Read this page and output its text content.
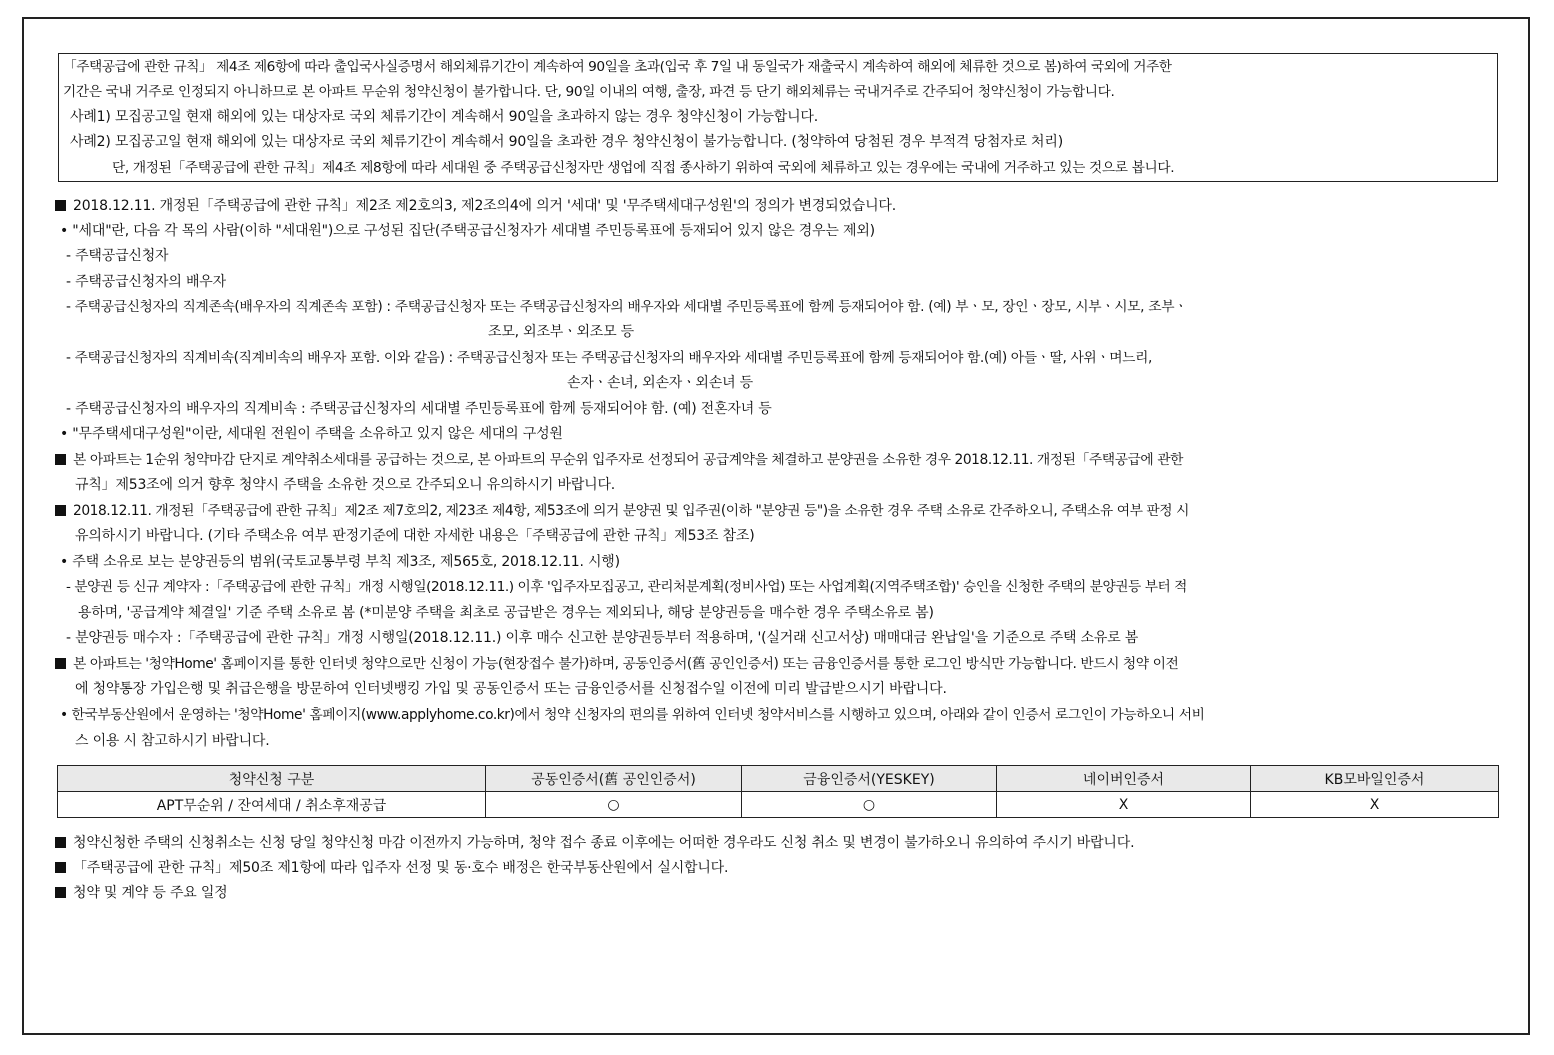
「주택공급에 관한 규칙」 제4조 제6항에 따라 출입국사실증명서 해외체류기간이 계속하여 90일을 초과(입국 후 7일 내 동일국가 재출국시 계속하여 해외에 체류한 것으로 봄)하여 국외에 거주한
기간은 국내 거주로 인정되지 아니하므로 본 아파트 무순위 청약신청이 불가합니다. 단, 90일 이내의 여행, 출장, 파견 등 단기 해외체류는 국내거주로 간주되어 청약신청이 가능합니다.
사례1) 모집공고일 현재 해외에 있는 대상자로 국외 체류기간이 계속해서 90일을 초과하지 않는 경우 청약신청이 가능합니다.
사례2) 모집공고일 현재 해외에 있는 대상자로 국외 체류기간이 계속해서 90일을 초과한 경우 청약신청이 불가능합니다. (청약하여 당첨된 경우 부적격 당첨자로 처리)
단, 개정된「주택공급에 관한 규칙」제4조 제8항에 따라 세대원 중 주택공급신청자만 생업에 직접 종사하기 위하여 국외에 체류하고 있는 경우에는 국내에 거주하고 있는 것으로 봅니다.
2018.12.11. 개정된「주택공급에 관한 규칙」제2조 제2호의3, 제2조의4에 의거 '세대' 및 '무주택세대구성원'의 정의가 변경되었습니다.
• "세대"란, 다음 각 목의 사람(이하 "세대원")으로 구성된 집단(주택공급신청자가 세대별 주민등록표에 등재되어 있지 않은 경우는 제외)
- 주택공급신청자
- 주택공급신청자의 배우자
- 주택공급신청자의 직계존속(배우자의 직계존속 포함) : 주택공급신청자 또는 주택공급신청자의 배우자와 세대별 주민등록표에 함께 등재되어야 함. (예) 부ㆍ모, 장인ㆍ장모, 시부ㆍ시모, 조부ㆍ
조모, 외조부ㆍ외조모 등
- 주택공급신청자의 직계비속(직계비속의 배우자 포함. 이와 같음) : 주택공급신청자 또는 주택공급신청자의 배우자와 세대별 주민등록표에 함께 등재되어야 함.(예) 아들ㆍ딸, 사위ㆍ며느리,
손자ㆍ손녀, 외손자ㆍ외손녀 등
- 주택공급신청자의 배우자의 직계비속 : 주택공급신청자의 세대별 주민등록표에 함께 등재되어야 함. (예) 전혼자녀 등
• "무주택세대구성원"이란, 세대원 전원이 주택을 소유하고 있지 않은 세대의 구성원
본 아파트는 1순위 청약마감 단지로 계약취소세대를 공급하는 것으로, 본 아파트의 무순위 입주자로 선정되어 공급계약을 체결하고 분양권을 소유한 경우 2018.12.11. 개정된「주택공급에 관한
규칙」제53조에 의거 향후 청약시 주택을 소유한 것으로 간주되오니 유의하시기 바랍니다.
2018.12.11. 개정된「주택공급에 관한 규칙」제2조 제7호의2, 제23조 제4항, 제53조에 의거 분양권 및 입주권(이하 "분양권 등")을 소유한 경우 주택 소유로 간주하오니, 주택소유 여부 판정 시
유의하시기 바랍니다. (기타 주택소유 여부 판정기준에 대한 자세한 내용은「주택공급에 관한 규칙」제53조 참조)
• 주택 소유로 보는 분양권등의 범위(국토교통부령 부칙 제3조, 제565호, 2018.12.11. 시행)
- 분양권 등 신규 계약자 :「주택공급에 관한 규칙」개정 시행일(2018.12.11.) 이후 '입주자모집공고, 관리처분계획(정비사업) 또는 사업계획(지역주택조합)' 승인을 신청한 주택의 분양권등 부터 적
용하며, '공급계약 체결일' 기준 주택 소유로 봄 (*미분양 주택을 최초로 공급받은 경우는 제외되나, 해당 분양권등을 매수한 경우 주택소유로 봄)
- 분양권등 매수자 :「주택공급에 관한 규칙」개정 시행일(2018.12.11.) 이후 매수 신고한 분양권등부터 적용하며, '(실거래 신고서상) 매매대금 완납일'을 기준으로 주택 소유로 봄
본 아파트는 '청약Home' 홈페이지를 통한 인터넷 청약으로만 신청이 가능(현장접수 불가)하며, 공동인증서(舊 공인인증서) 또는 금융인증서를 통한 로그인 방식만 가능합니다. 반드시 청약 이전
에 청약통장 가입은행 및 취급은행을 방문하여 인터넷뱅킹 가입 및 공동인증서 또는 금융인증서를 신청접수일 이전에 미리 발급받으시기 바랍니다.
• 한국부동산원에서 운영하는 '청약Home' 홈페이지(www.applyhome.co.kr)에서 청약 신청자의 편의를 위하여 인터넷 청약서비스를 시행하고 있으며, 아래와 같이 인증서 로그인이 가능하오니 서비
스 이용 시 참고하시기 바랍니다.
청약신청 구분	공동인증서(舊 공인인증서)	금융인증서(YESKEY)	네이버인증서	KB모바일인증서
APT무순위 / 잔여세대 / 취소후재공급	○	○	X	X
청약신청한 주택의 신청취소는 신청 당일 청약신청 마감 이전까지 가능하며, 청약 접수 종료 이후에는 어떠한 경우라도 신청 취소 및 변경이 불가하오니 유의하여 주시기 바랍니다.
「주택공급에 관한 규칙」제50조 제1항에 따라 입주자 선정 및 동·호수 배정은 한국부동산원에서 실시합니다.
청약 및 계약 등 주요 일정
